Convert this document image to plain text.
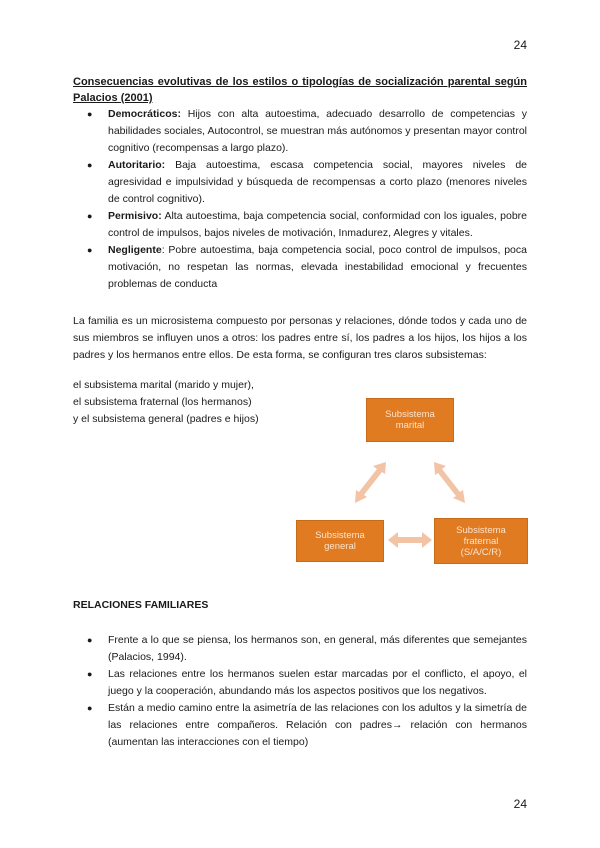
24
Consecuencias evolutivas de los estilos o tipologías de socialización parental según Palacios (2001)
● Democráticos: Hijos con alta autoestima, adecuado desarrollo de competencias y habilidades sociales, Autocontrol, se muestran más autónomos y presentan mayor control cognitivo (recompensas a largo plazo).
● Autoritario: Baja autoestima, escasa competencia social, mayores niveles de agresividad e impulsividad y búsqueda de recompensas a corto plazo (menores niveles de control cognitivo).
● Permisivo: Alta autoestima, baja competencia social, conformidad con los iguales, pobre control de impulsos, bajos niveles de motivación, Inmadurez, Alegres y vitales.
● Negligente: Pobre autoestima, baja competencia social, poco control de impulsos, poca motivación, no respetan las normas, elevada inestabilidad emocional y frecuentes problemas de conducta
La familia es un microsistema compuesto por personas y relaciones, dónde todos y cada uno de sus miembros se influyen unos a otros: los padres entre sí, los padres a los hijos, los hijos a los padres y los hermanos entre ellos. De esta forma, se configuran tres claros subsistemas:
el subsistema marital (marido y mujer),
el subsistema fraternal (los hermanos)
y el subsistema general (padres e hijos)	Subsistema
marital
Subsistema
general
Subsistema
fraternal
(S/A/C/R)
RELACIONES FAMILIARES
● Frente a lo que se piensa, los hermanos son, en general, más diferentes que semejantes (Palacios, 1994).
● Las relaciones entre los hermanos suelen estar marcadas por el conflicto, el apoyo, el juego y la cooperación, abundando más los aspectos positivos que los negativos.
● Están a medio camino entre la asimetría de las relaciones con los adultos y la simetría de las relaciones entre compañeros. Relación con padres→ relación con hermanos (aumentan las interacciones con el tiempo)
24
